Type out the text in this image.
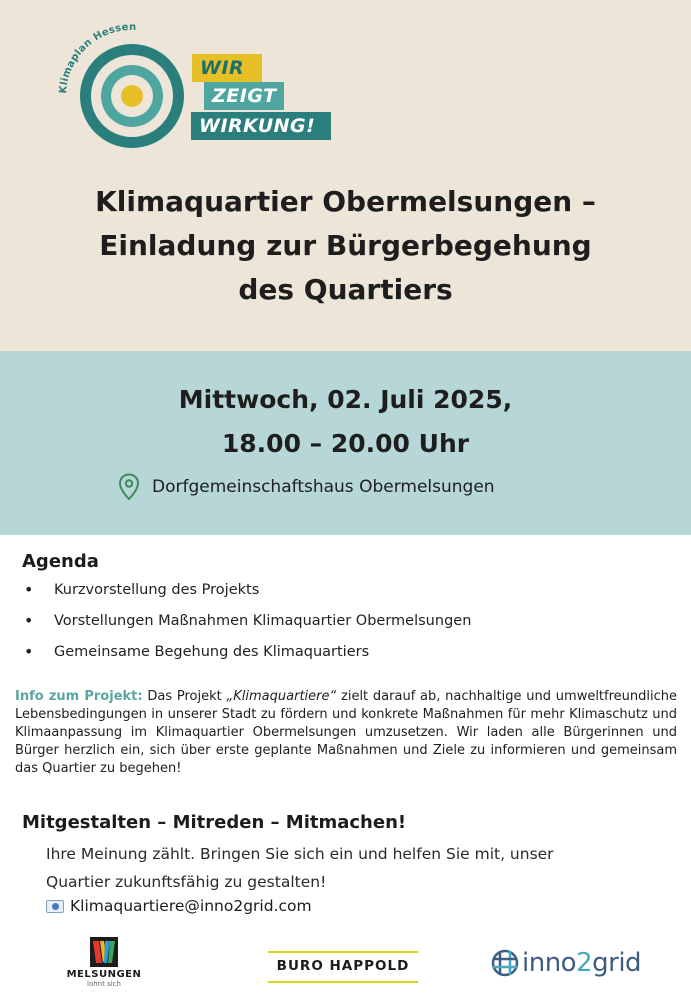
Klimaplan Hessen
WIR
ZEIGT
WIRKUNG!
Klimaquartier Obermelsungen –
Einladung zur Bürgerbegehung
des Quartiers
Mittwoch, 02. Juli 2025,
18.00 – 20.00 Uhr
Dorfgemeinschaftshaus Obermelsungen
Agenda
• Kurzvorstellung des Projekts
• Vorstellungen Maßnahmen Klimaquartier Obermelsungen
• Gemeinsame Begehung des Klimaquartiers

Info zum Projekt: Das Projekt „Klimaquartiere“ zielt darauf ab, nachhaltige und umweltfreundliche Lebensbedingungen in unserer Stadt zu fördern und konkrete Maßnahmen für mehr Klimaschutz und Klimaanpassung im Klimaquartier Obermelsungen umzusetzen. Wir laden alle Bürgerinnen und Bürger herzlich ein, sich über erste geplante Maßnahmen und Ziele zu informieren und gemeinsam das Quartier zu begehen!

Mitgestalten – Mitreden – Mitmachen!
Ihre Meinung zählt. Bringen Sie sich ein und helfen Sie mit, unser
Quartier zukunftsfähig zu gestalten!
Klimaquartiere@inno2grid.com
MELSUNGEN
lohnt sich
BURO HAPPOLD	inno2grid
